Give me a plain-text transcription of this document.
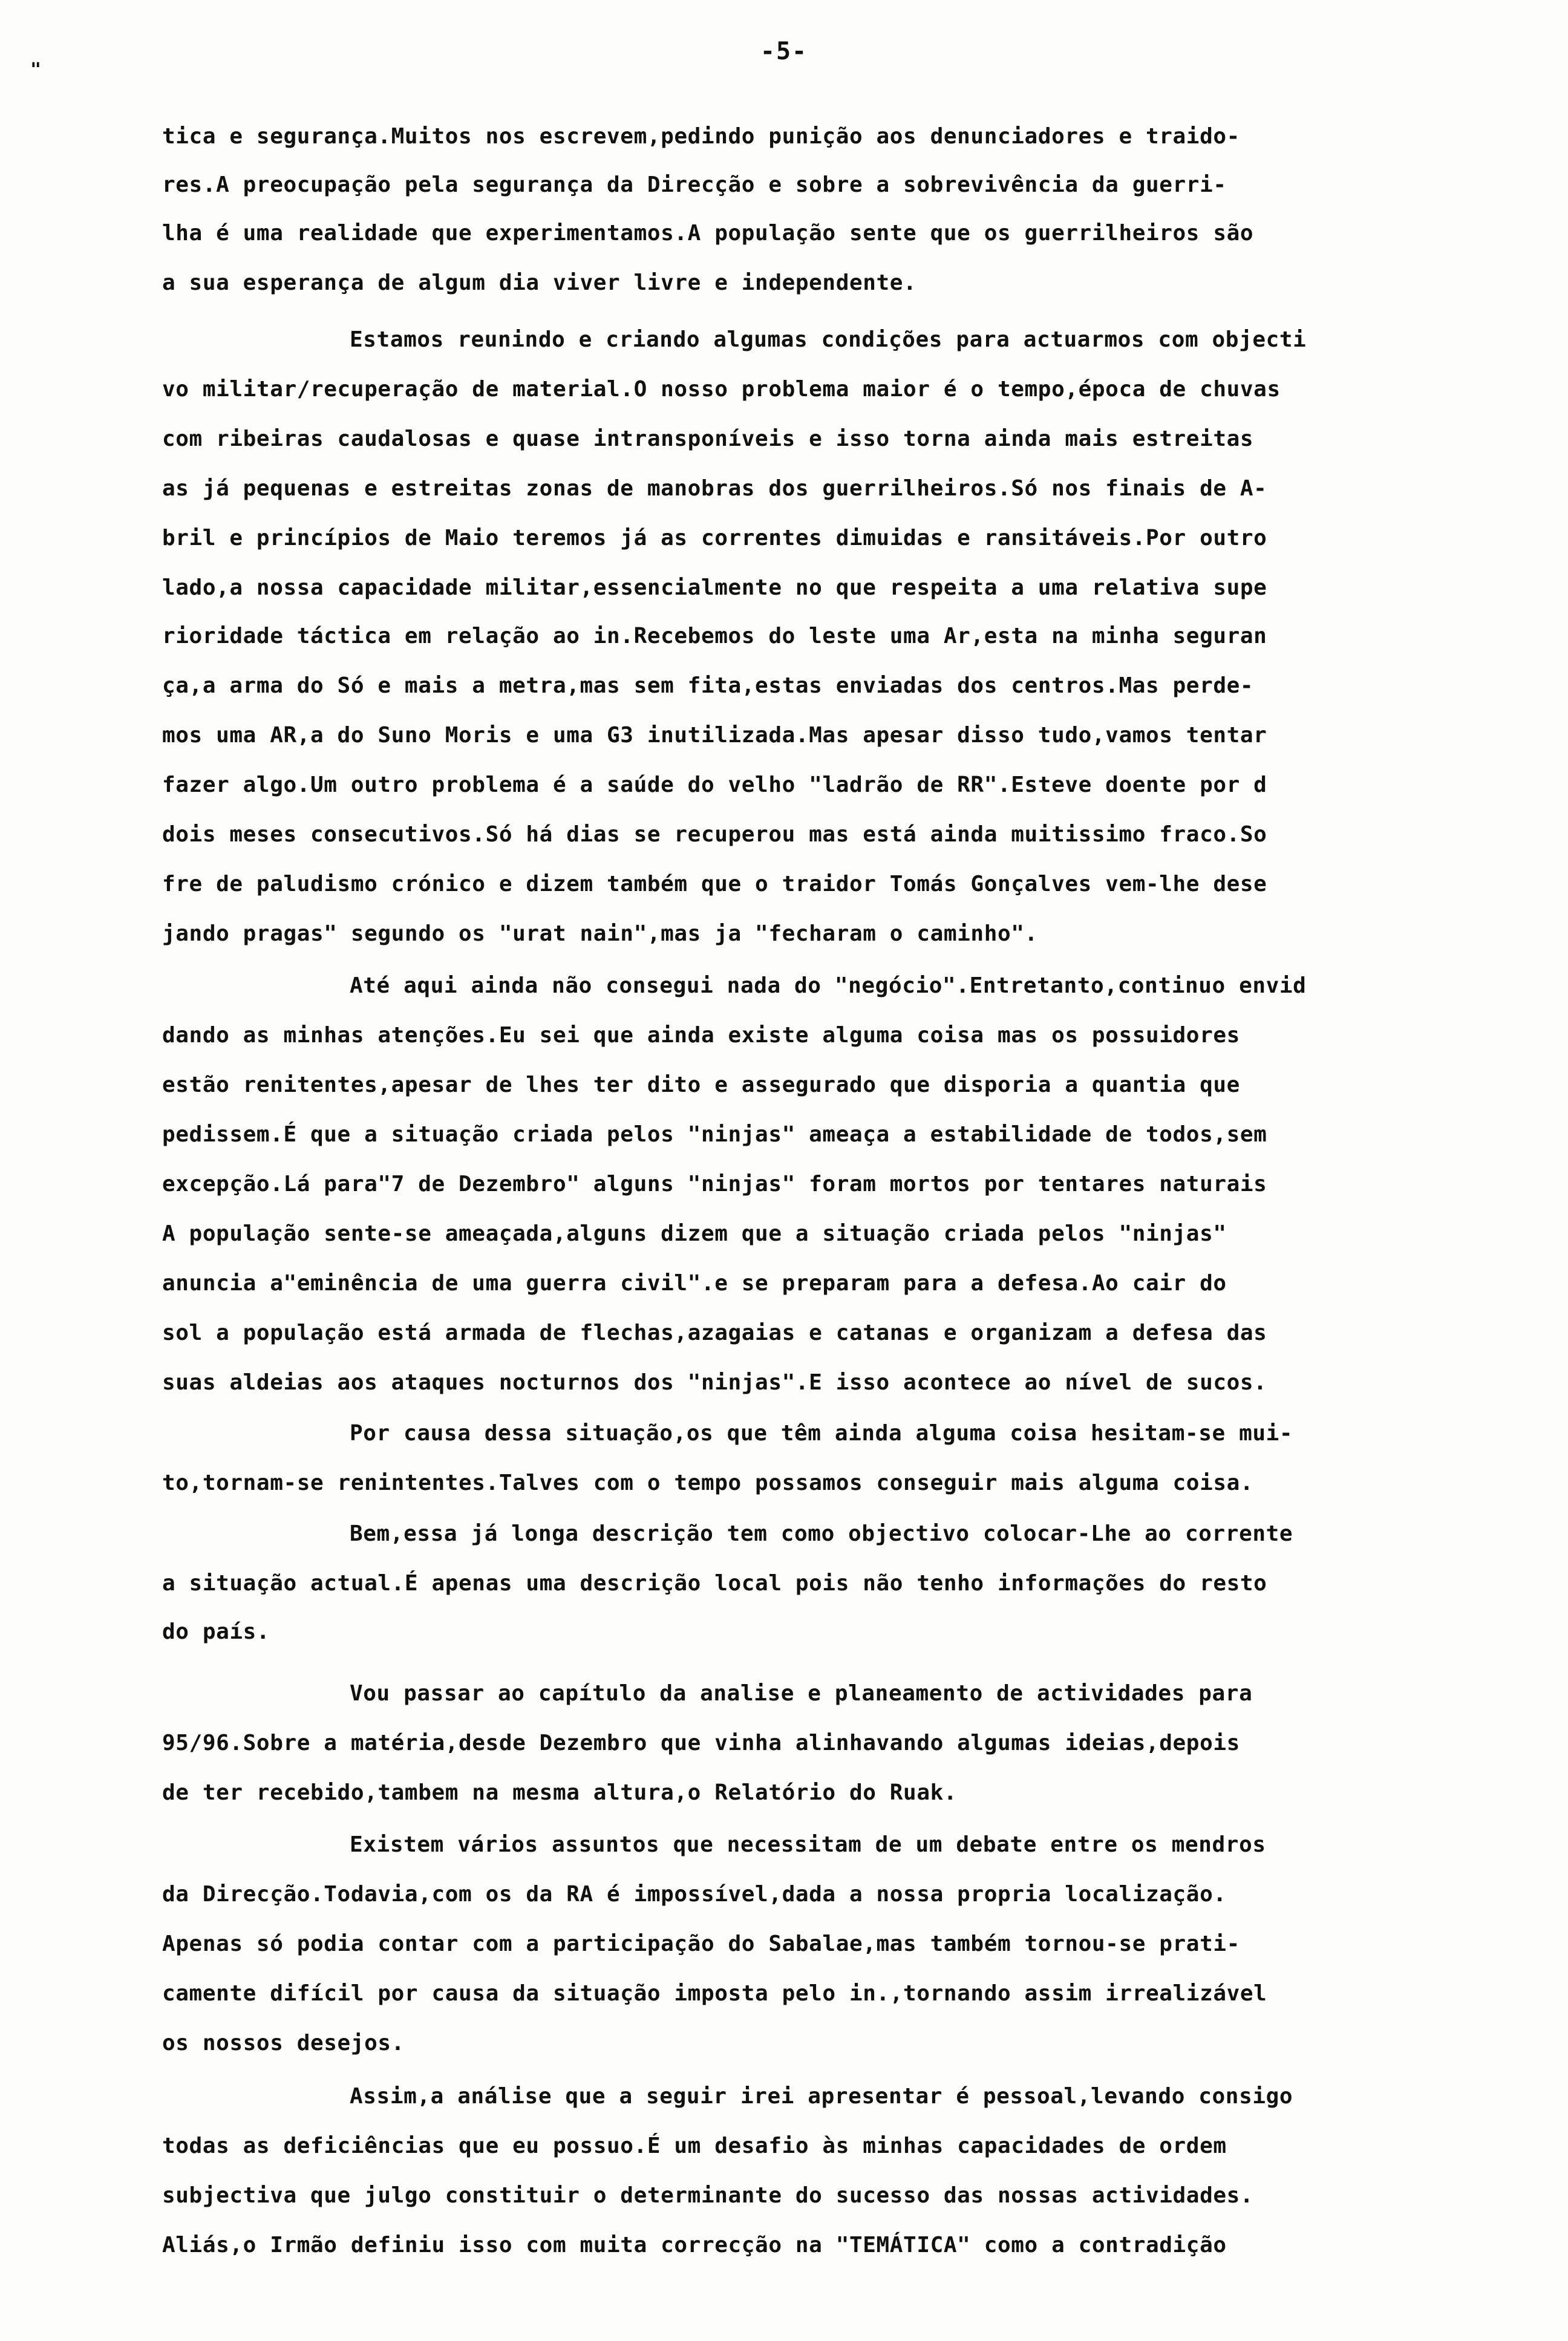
-5-
"
tica e segurança.Muitos nos escrevem,pedindo punição aos denunciadores e traido-
res.A preocupação pela segurança da Direcção e sobre a sobrevivência da guerri-
lha é uma realidade que experimentamos.A população sente que os guerrilheiros são
a sua esperança de algum dia viver livre e independente.
Estamos reunindo e criando algumas condições para actuarmos com objecti
vo militar/recuperação de material.O nosso problema maior é o tempo,época de chuvas
com ribeiras caudalosas e quase intransponíveis e isso torna ainda mais estreitas
as já pequenas e estreitas zonas de manobras dos guerrilheiros.Só nos finais de A-
bril e princípios de Maio teremos já as correntes dimuidas e ransitáveis.Por outro
lado,a nossa capacidade militar,essencialmente no que respeita a uma relativa supe
rioridade táctica em relação ao in.Recebemos do leste uma Ar,esta na minha seguran
ça,a arma do Só e mais a metra,mas sem fita,estas enviadas dos centros.Mas perde-
mos uma AR,a do Suno Moris e uma G3 inutilizada.Mas apesar disso tudo,vamos tentar
fazer algo.Um outro problema é a saúde do velho "ladrão de RR".Esteve doente por d
dois meses consecutivos.Só há dias se recuperou mas está ainda muitissimo fraco.So
fre de paludismo crónico e dizem também que o traidor Tomás Gonçalves vem-lhe dese
jando pragas" segundo os "urat nain",mas ja "fecharam o caminho".
Até aqui ainda não consegui nada do "negócio".Entretanto,continuo envid
dando as minhas atenções.Eu sei que ainda existe alguma coisa mas os possuidores
estão renitentes,apesar de lhes ter dito e assegurado que disporia a quantia que
pedissem.É que a situação criada pelos "ninjas" ameaça a estabilidade de todos,sem
excepção.Lá para"7 de Dezembro" alguns "ninjas" foram mortos por tentares naturais
A população sente-se ameaçada,alguns dizem que a situação criada pelos "ninjas"
anuncia a"eminência de uma guerra civil".e se preparam para a defesa.Ao cair do
sol a população está armada de flechas,azagaias e catanas e organizam a defesa das
suas aldeias aos ataques nocturnos dos "ninjas".E isso acontece ao nível de sucos.
Por causa dessa situação,os que têm ainda alguma coisa hesitam-se mui-
to,tornam-se renintentes.Talves com o tempo possamos conseguir mais alguma coisa.
Bem,essa já longa descrição tem como objectivo colocar-Lhe ao corrente
a situação actual.É apenas uma descrição local pois não tenho informações do resto
do país.
Vou passar ao capítulo da analise e planeamento de actividades para
95/96.Sobre a matéria,desde Dezembro que vinha alinhavando algumas ideias,depois
de ter recebido,tambem na mesma altura,o Relatório do Ruak.
Existem vários assuntos que necessitam de um debate entre os mendros
da Direcção.Todavia,com os da RA é impossível,dada a nossa propria localização.
Apenas só podia contar com a participação do Sabalae,mas também tornou-se prati-
camente difícil por causa da situação imposta pelo in.,tornando assim irrealizável
os nossos desejos.
Assim,a análise que a seguir irei apresentar é pessoal,levando consigo
todas as deficiências que eu possuo.É um desafio às minhas capacidades de ordem
subjectiva que julgo constituir o determinante do sucesso das nossas actividades.
Aliás,o Irmão definiu isso com muita correcção na "TEMÁTICA" como a contradição
